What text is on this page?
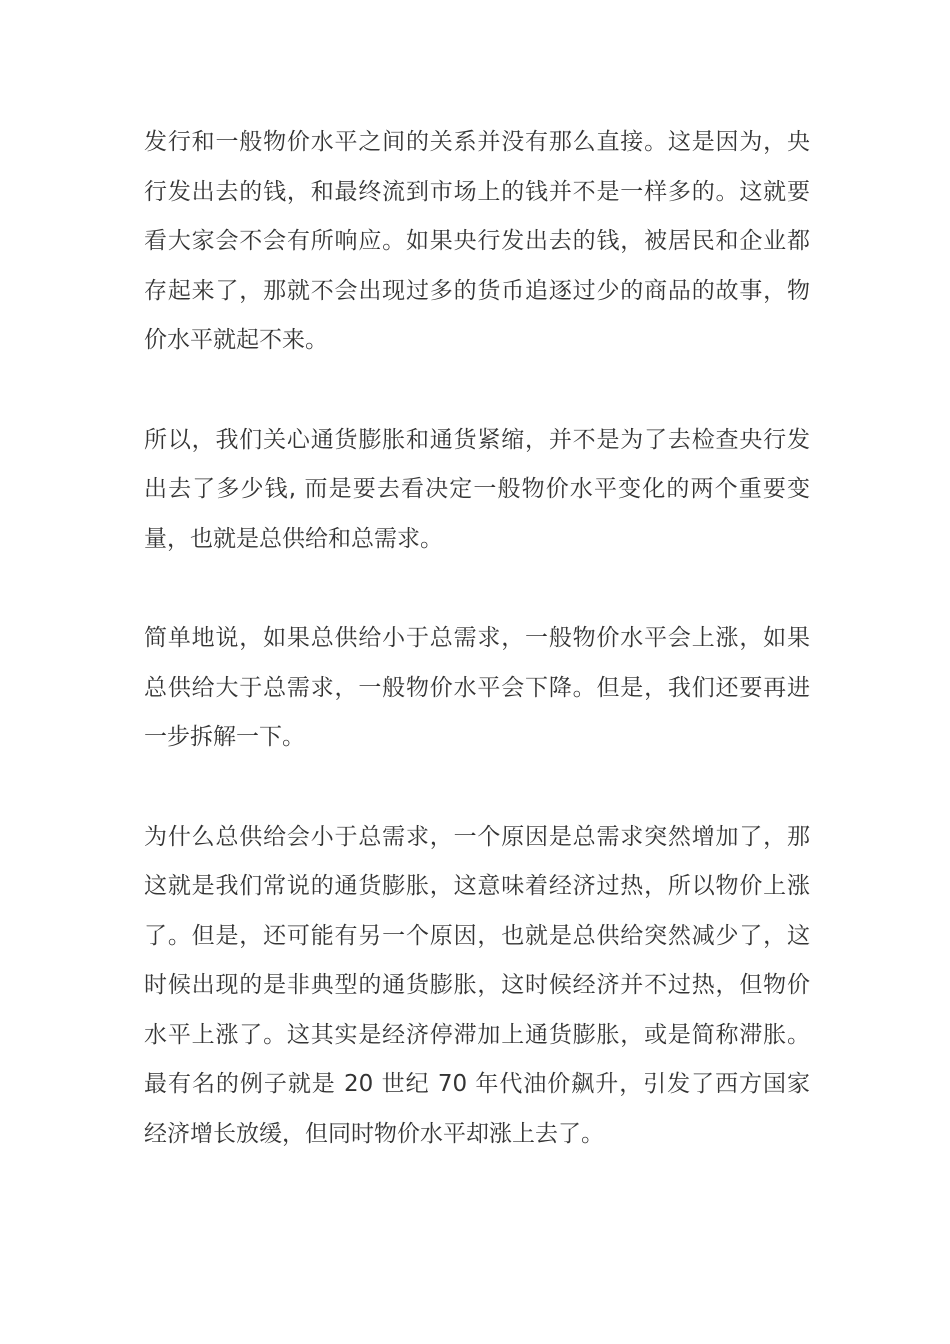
发行和一般物价水平之间的关系并没有那么直接。这是因为，央
行发出去的钱，和最终流到市场上的钱并不是一样多的。这就要
看大家会不会有所响应。如果央行发出去的钱，被居民和企业都
存起来了，那就不会出现过多的货币追逐过少的商品的故事，物
价水平就起不来。

所以，我们关心通货膨胀和通货紧缩，并不是为了去检查央行发
出去了多少钱, 而是要去看决定一般物价水平变化的两个重要变
量，也就是总供给和总需求。

简单地说，如果总供给小于总需求，一般物价水平会上涨，如果
总供给大于总需求，一般物价水平会下降。但是，我们还要再进
一步拆解一下。

为什么总供给会小于总需求，一个原因是总需求突然增加了，那
这就是我们常说的通货膨胀，这意味着经济过热，所以物价上涨
了。但是，还可能有另一个原因，也就是总供给突然减少了，这
时候出现的是非典型的通货膨胀，这时候经济并不过热，但物价
水平上涨了。这其实是经济停滞加上通货膨胀，或是简称滞胀。
最有名的例子就是 20 世纪 70 年代油价飙升，引发了西方国家
经济增长放缓，但同时物价水平却涨上去了。
